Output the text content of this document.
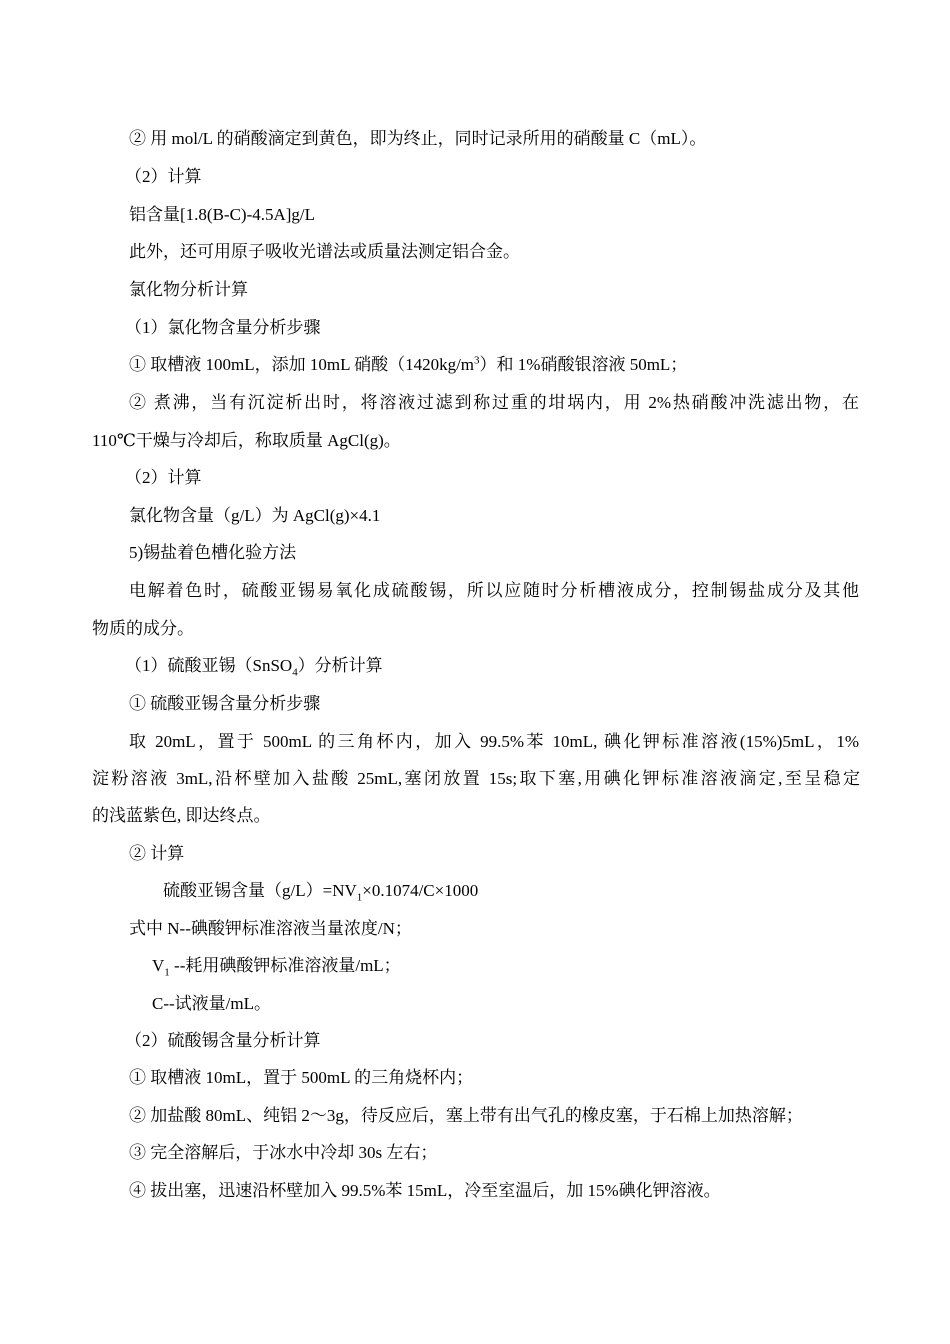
② 用 mol/L 的硝酸滴定到黄色，即为终止，同时记录所用的硝酸量 C（mL）。
（2）计算
铝含量[1.8(B-C)-4.5A]g/L
此外，还可用原子吸收光谱法或质量法测定铝合金。
氯化物分析计算
（1）氯化物含量分析步骤
① 取槽液 100mL，添加 10mL 硝酸$(1420kg/m^3)$和 1%硝酸银溶液 50mL；
② 煮沸，当有沉淀析出时，将溶液过滤到称过重的坩埚内，用 2%热硝酸冲洗滤出物，在
110℃干燥与冷却后，称取质量 AgCl(g)。
（2）计算
氯化物含量（g/L）为 AgCl(g)×4.1
5)锡盐着色槽化验方法
电解着色时，硫酸亚锡易氧化成硫酸锡，所以应随时分析槽液成分，控制锡盐成分及其他
物质的成分。
（1）硫酸亚锡（SnSO$_4$）分析计算
① 硫酸亚锡含量分析步骤
取 20mL，置于 500mL 的三角杯内，加入 99.5%苯 10mL, 碘化钾标准溶液(15%)5mL，1%
淀粉溶液 3mL,沿杯壁加入盐酸 25mL,塞闭放置 15s;取下塞,用碘化钾标准溶液滴定,至呈稳定
的浅蓝紫色, 即达终点。
② 计算
硫酸亚锡含量$(g/L)=NV_1\times 0.1074/C\times 1000$
式中 N--碘酸钾标准溶液当量浓度/N；
$V_1$ --耗用碘酸钾标准溶液量/mL；
C--试液量/mL。
（2）硫酸锡含量分析计算
① 取槽液 10mL，置于 500mL 的三角烧杯内；
② 加盐酸 80mL、纯铝 2～3g，待反应后，塞上带有出气孔的橡皮塞，于石棉上加热溶解；
③ 完全溶解后，于冰水中冷却 30s 左右；
④ 拔出塞，迅速沿杯壁加入 99.5%苯 15mL，冷至室温后，加 15%碘化钾溶液。
